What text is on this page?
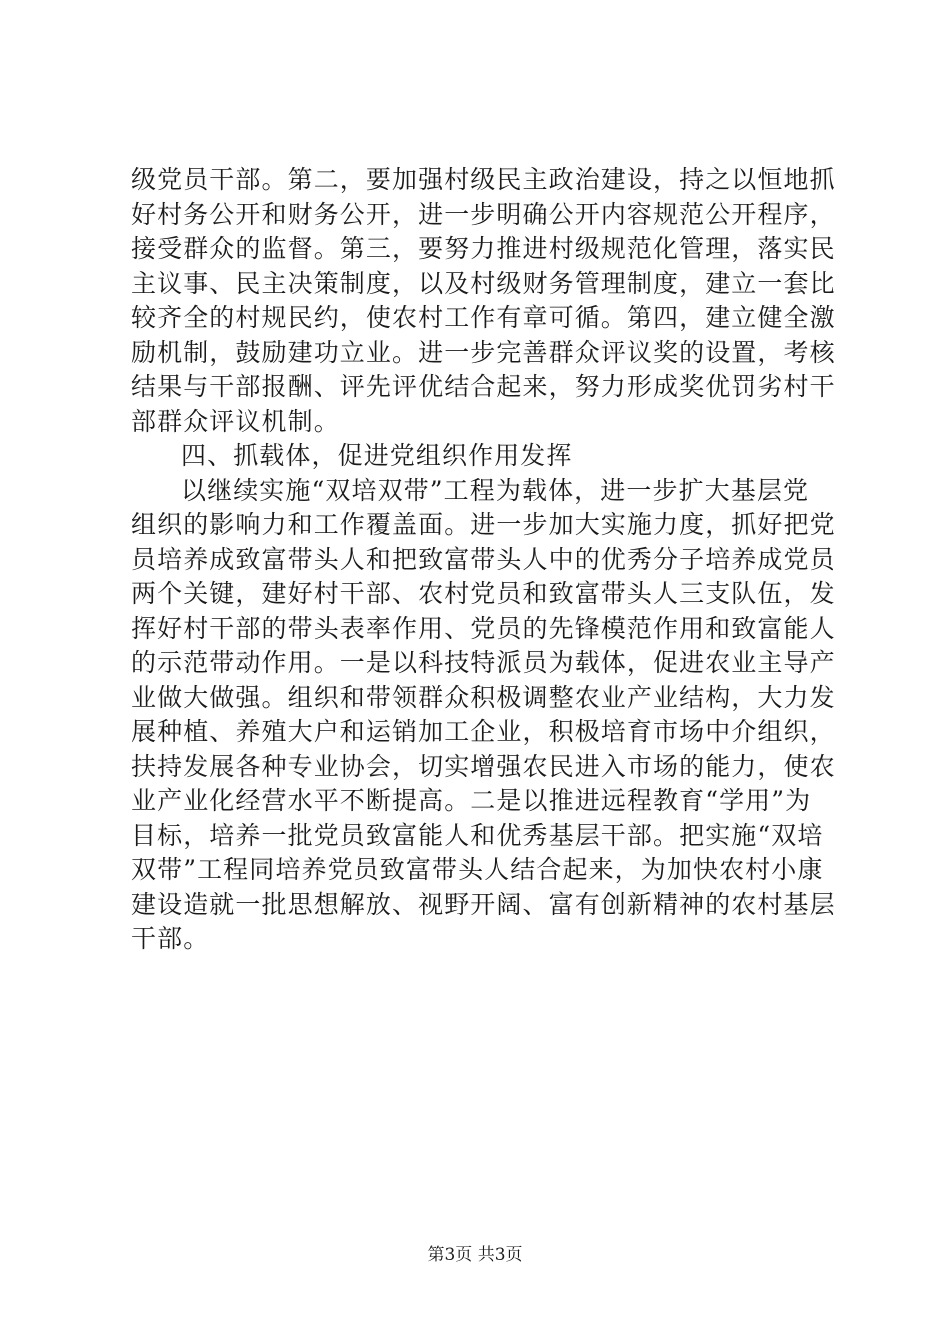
级党员干部。第二，要加强村级民主政治建设，持之以恒地抓
好村务公开和财务公开，进一步明确公开内容规范公开程序，
接受群众的监督。第三，要努力推进村级规范化管理，落实民
主议事、民主决策制度，以及村级财务管理制度，建立一套比
较齐全的村规民约，使农村工作有章可循。第四，建立健全激
励机制，鼓励建功立业。进一步完善群众评议奖的设置，考核
结果与干部报酬、评先评优结合起来，努力形成奖优罚劣村干
部群众评议机制。
四、抓载体，促进党组织作用发挥
以继续实施“双培双带”工程为载体，进一步扩大基层党
组织的影响力和工作覆盖面。进一步加大实施力度，抓好把党
员培养成致富带头人和把致富带头人中的优秀分子培养成党员
两个关键，建好村干部、农村党员和致富带头人三支队伍，发
挥好村干部的带头表率作用、党员的先锋模范作用和致富能人
的示范带动作用。一是以科技特派员为载体，促进农业主导产
业做大做强。组织和带领群众积极调整农业产业结构，大力发
展种植、养殖大户和运销加工企业，积极培育市场中介组织，
扶持发展各种专业协会，切实增强农民进入市场的能力，使农
业产业化经营水平不断提高。二是以推进远程教育“学用”为
目标，培养一批党员致富能人和优秀基层干部。把实施“双培
双带”工程同培养党员致富带头人结合起来，为加快农村小康
建设造就一批思想解放、视野开阔、富有创新精神的农村基层
干部。
第3页 共3页
